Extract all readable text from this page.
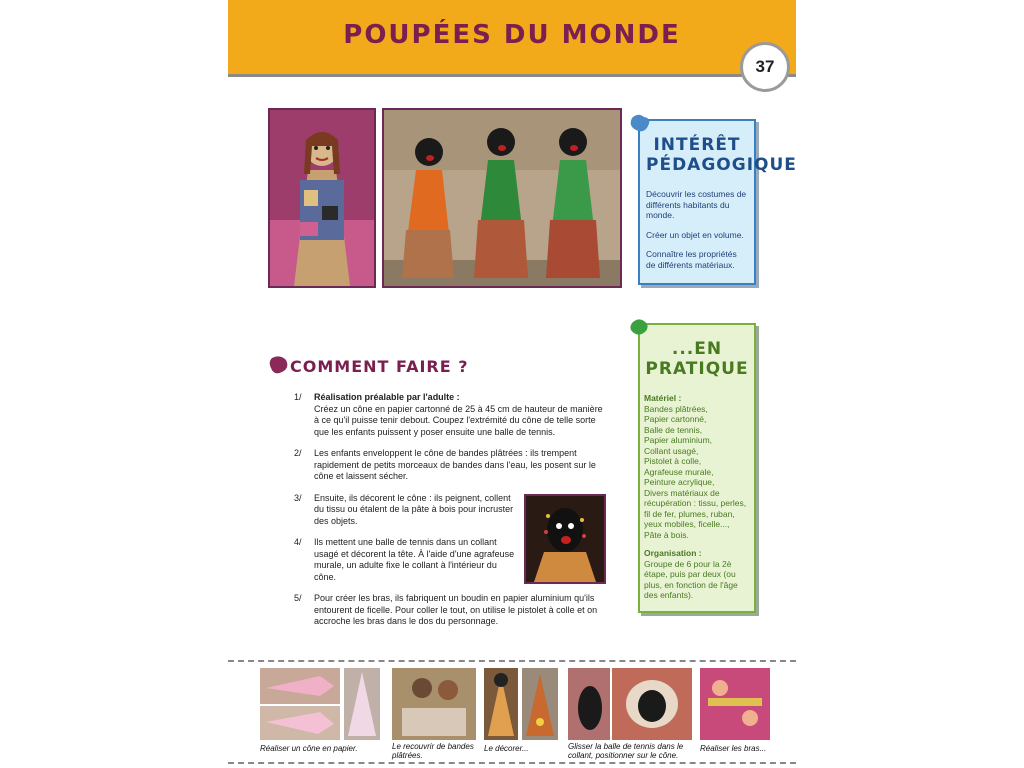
POUPÉES DU MONDE
37
INTÉRÊT
PÉDAGOGIQUE

Découvrir les costumes de différents habitants du monde.

Créer un objet en volume.

Connaître les propriétés de différents matériaux.

...EN
PRATIQUE
Matériel :
Bandes plâtrées,
Papier cartonné,
Balle de tennis,
Papier aluminium,
Collant usagé,
Pistolet à colle,
Agrafeuse murale,
Peinture acrylique,
Divers matériaux de récupération : tissu, perles, fil de fer, plumes, ruban, yeux mobiles, ficelle...,
Pâte à bois.
Organisation :
Groupe de 6 pour la 2è étape, puis par deux (ou plus, en fonction de l'âge des enfants).
COMMENT FAIRE ?
1/ Réalisation préalable par l'adulte :
Créez un cône en papier cartonné de 25 à 45 cm de hauteur de manière à ce qu'il puisse tenir debout. Coupez l'extrémité du cône de telle sorte que les enfants puissent y poser ensuite une balle de tennis.
2/ Les enfants enveloppent le cône de bandes plâtrées : ils trempent rapidement de petits morceaux de bandes dans l'eau, les posent sur le cône et laissent sécher.
3/ Ensuite, ils décorent le cône : ils peignent, collent du tissu ou étalent de la pâte à bois pour incruster des objets.
4/ Ils mettent une balle de tennis dans un collant usagé et décorent la tête. À l'aide d'une agrafeuse murale, un adulte fixe le collant à l'intérieur du cône.
5/ Pour créer les bras, ils fabriquent un boudin en papier aluminium qu'ils entourent de ficelle. Pour coller le tout, on utilise le pistolet à colle et on accroche les bras dans le dos du personnage.
Réaliser un cône en papier.	Le recouvrir de bandes plâtrées.
Le décorer...	Glisser la balle de tennis dans le collant, positionner sur le cône.
Réaliser les bras...
